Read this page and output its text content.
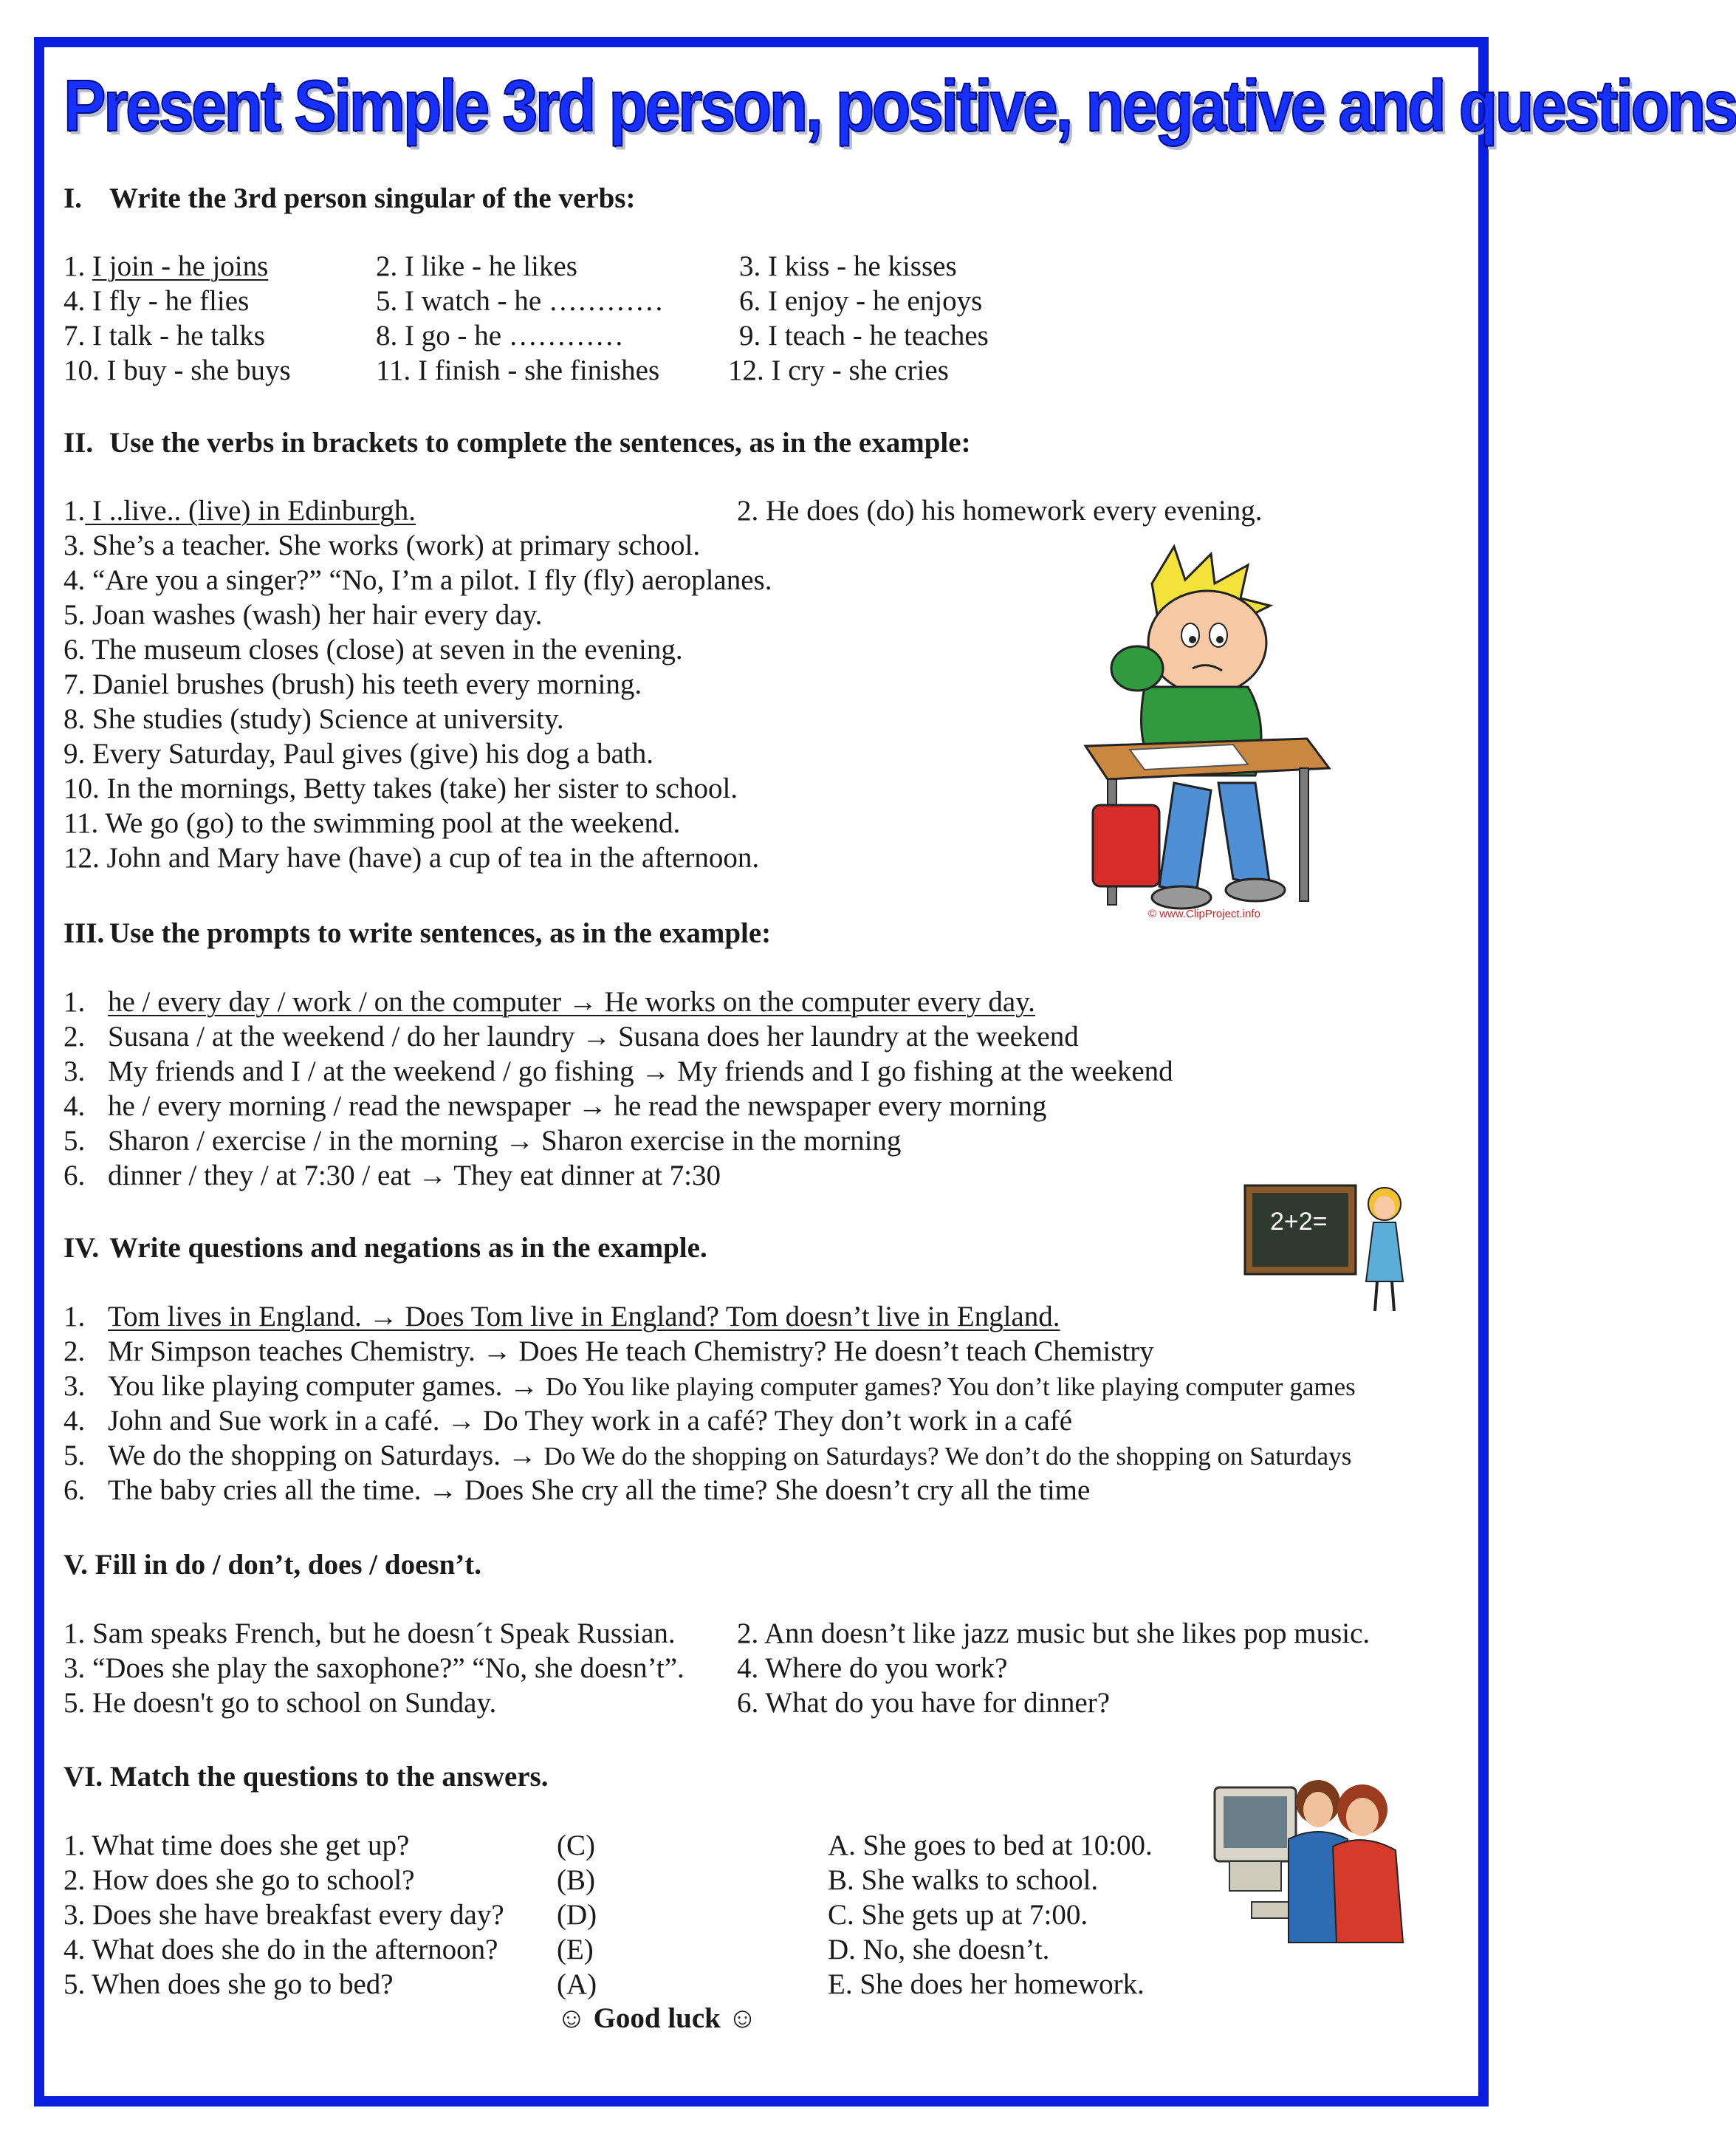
Present Simple 3rd person, positive, negative and questions
I. Write the 3rd person singular of the verbs:
1. I join - he joins	2. I like - he likes	3. I kiss - he kisses
4. I fly - he flies	5. I watch - he …………	6. I enjoy - he enjoys
7. I talk - he talks	8. I go - he …………	9. I teach - he teaches
10. I buy - she buys	11. I finish - she finishes 12. I cry - she cries
II. Use the verbs in brackets to complete the sentences, as in the example:
1. I ..live.. (live) in Edinburgh.	2. He does (do) his homework every evening.
3. She’s a teacher. She works (work) at primary school.
4. “Are you a singer?” “No, I’m a pilot. I fly (fly) aeroplanes.
5. Joan washes (wash) her hair every day.
6. The museum closes (close) at seven in the evening.
7. Daniel brushes (brush) his teeth every morning.
8. She studies (study) Science at university.
9. Every Saturday, Paul gives (give) his dog a bath.
10. In the mornings, Betty takes (take) her sister to school.
11. We go (go) to the swimming pool at the weekend.
12. John and Mary have (have) a cup of tea in the afternoon.
III. Use the prompts to write sentences, as in the example:
1. he / every day / work / on the computer → He works on the computer every day.
2. Susana / at the weekend / do her laundry → Susana does her laundry at the weekend
3. My friends and I / at the weekend / go fishing → My friends and I go fishing at the weekend
4. he / every morning / read the newspaper → he read the newspaper every morning
5. Sharon / exercise / in the morning → Sharon exercise in the morning
6. dinner / they / at 7:30 / eat → They eat dinner at 7:30
IV. Write questions and negations as in the example.
1. Tom lives in England. → Does Tom live in England? Tom doesn’t live in England.
2. Mr Simpson teaches Chemistry. → Does He teach Chemistry? He doesn’t teach Chemistry
3. You like playing computer games. → Do You like playing computer games? You don’t like playing computer games
4. John and Sue work in a café. → Do They work in a café? They don’t work in a café
5. We do the shopping on Saturdays. → Do We do the shopping on Saturdays? We don’t do the shopping on Saturdays
6. The baby cries all the time. → Does She cry all the time? She doesn’t cry all the time
V. Fill in do / don’t, does / doesn’t.
1. Sam speaks French, but he doesn´t Speak Russian. 2. Ann doesn’t like jazz music but she likes pop music.
3. “Does she play the saxophone?” “No, she doesn’t”. 4. Where do you work?
5. He doesn't go to school on Sunday.	6. What do you have for dinner?
VI. Match the questions to the answers.
1. What time does she get up?	(C)	A. She goes to bed at 10:00.
2. How does she go to school?	(B)	B. She walks to school.
3. Does she have breakfast every day? (D)	C. She gets up at 7:00.
4. What does she do in the afternoon? (E)	D. No, she doesn’t.
5. When does she go to bed?	(A)	E. She does her homework.
☺ Good luck ☺
© www.ClipProject.info
2+2=
